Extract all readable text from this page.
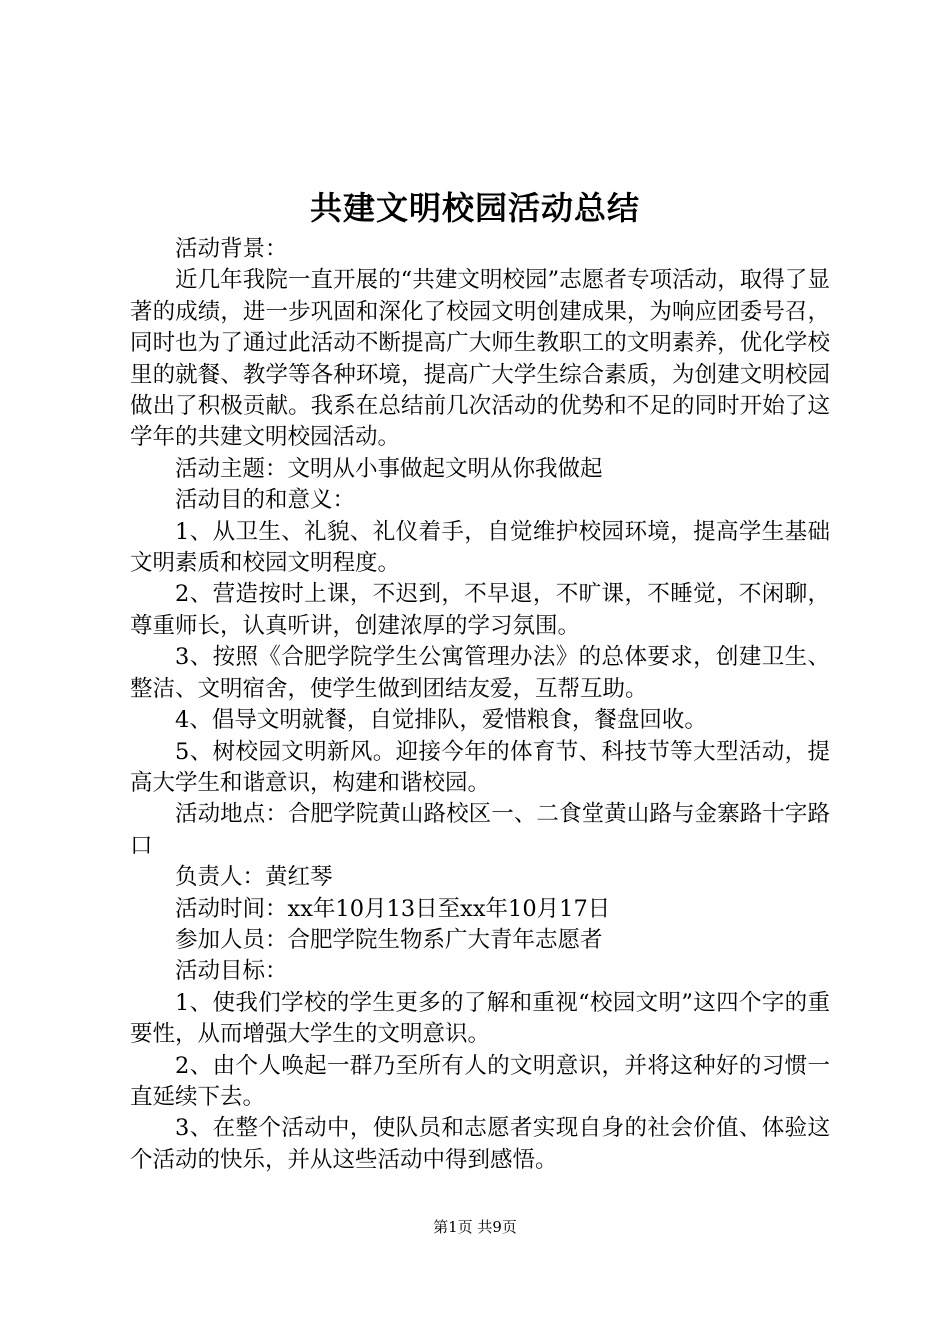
共建文明校园活动总结

活动背景：

近几年我院一直开展的“共建文明校园”志愿者专项活动，取得了显著的成绩，进一步巩固和深化了校园文明创建成果，为响应团委号召，同时也为了通过此活动不断提高广大师生教职工的文明素养，优化学校里的就餐、教学等各种环境，提高广大学生综合素质，为创建文明校园做出了积极贡献。我系在总结前几次活动的优势和不足的同时开始了这学年的共建文明校园活动。

活动主题：文明从小事做起文明从你我做起

活动目的和意义：

1、从卫生、礼貌、礼仪着手，自觉维护校园环境，提高学生基础文明素质和校园文明程度。

2、营造按时上课，不迟到，不早退，不旷课，不睡觉，不闲聊，尊重师长，认真听讲，创建浓厚的学习氛围。

3、按照《合肥学院学生公寓管理办法》的总体要求，创建卫生、整洁、文明宿舍，使学生做到团结友爱，互帮互助。

4、倡导文明就餐，自觉排队，爱惜粮食，餐盘回收。

5、树校园文明新风。迎接今年的体育节、科技节等大型活动，提高大学生和谐意识，构建和谐校园。

活动地点：合肥学院黄山路校区一、二食堂黄山路与金寨路十字路口

负责人：黄红琴

活动时间：xx年10月13日至xx年10月17日

参加人员：合肥学院生物系广大青年志愿者

活动目标：

1、使我们学校的学生更多的了解和重视“校园文明”这四个字的重要性，从而增强大学生的文明意识。

2、由个人唤起一群乃至所有人的文明意识，并将这种好的习惯一直延续下去。

3、在整个活动中，使队员和志愿者实现自身的社会价值、体验这个活动的快乐，并从这些活动中得到感悟。

第1页 共9页
